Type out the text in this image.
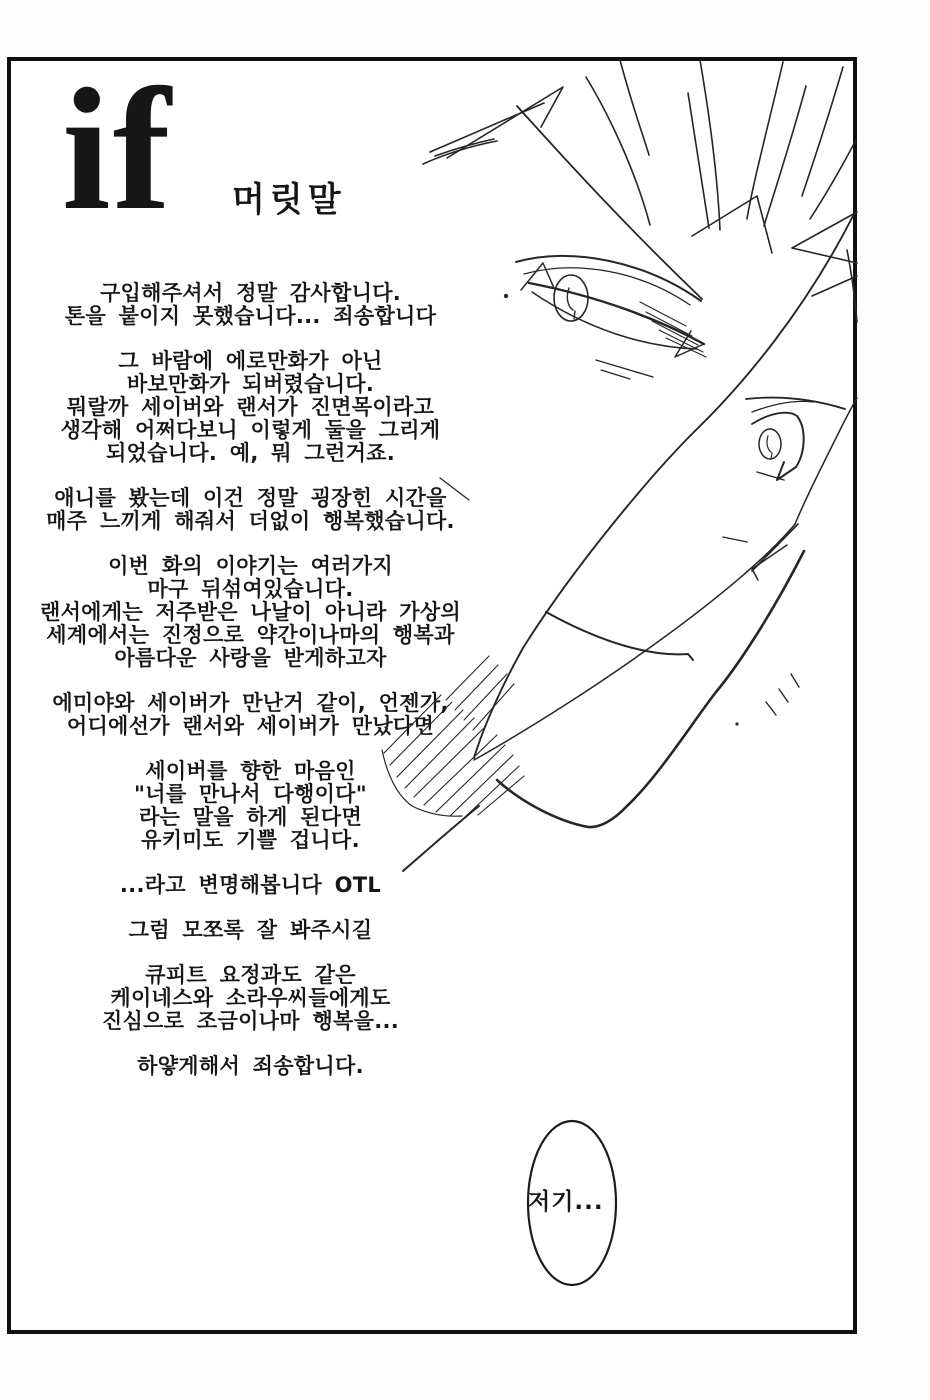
if 머릿말

구입해주셔서 정말 감사합니다.
톤을 붙이지 못했습니다... 죄송합니다

그 바람에 에로만화가 아닌
바보만화가 되버렸습니다.
뭐랄까 세이버와 랜서가 진면목이라고
생각해 어쩌다보니 이렇게 둘을 그리게
되었습니다. 예, 뭐 그런거죠.

애니를 봤는데 이건 정말 굉장힌 시간을
매주 느끼게 해줘서 더없이 행복했습니다.

이번 화의 이야기는 여러가지
마구 뒤섞여있습니다.
랜서에게는 저주받은 나날이 아니라 가상의
세계에서는 진정으로 약간이나마의 행복과
아름다운 사랑을 받게하고자

에미야와 세이버가 만난거 같이, 언젠가,
어디에선가 랜서와 세이버가 만났다면

세이버를 향한 마음인
"너를 만나서 다행이다"
라는 말을 하게 된다면
유키미도 기쁠 겁니다.

...라고 변명해봅니다 OTL

그럼 모쪼록 잘 봐주시길

큐피트 요정과도 같은
케이네스와 소라우씨들에게도
진심으로 조금이나마 행복을...

하얗게해서 죄송합니다.

저기...
